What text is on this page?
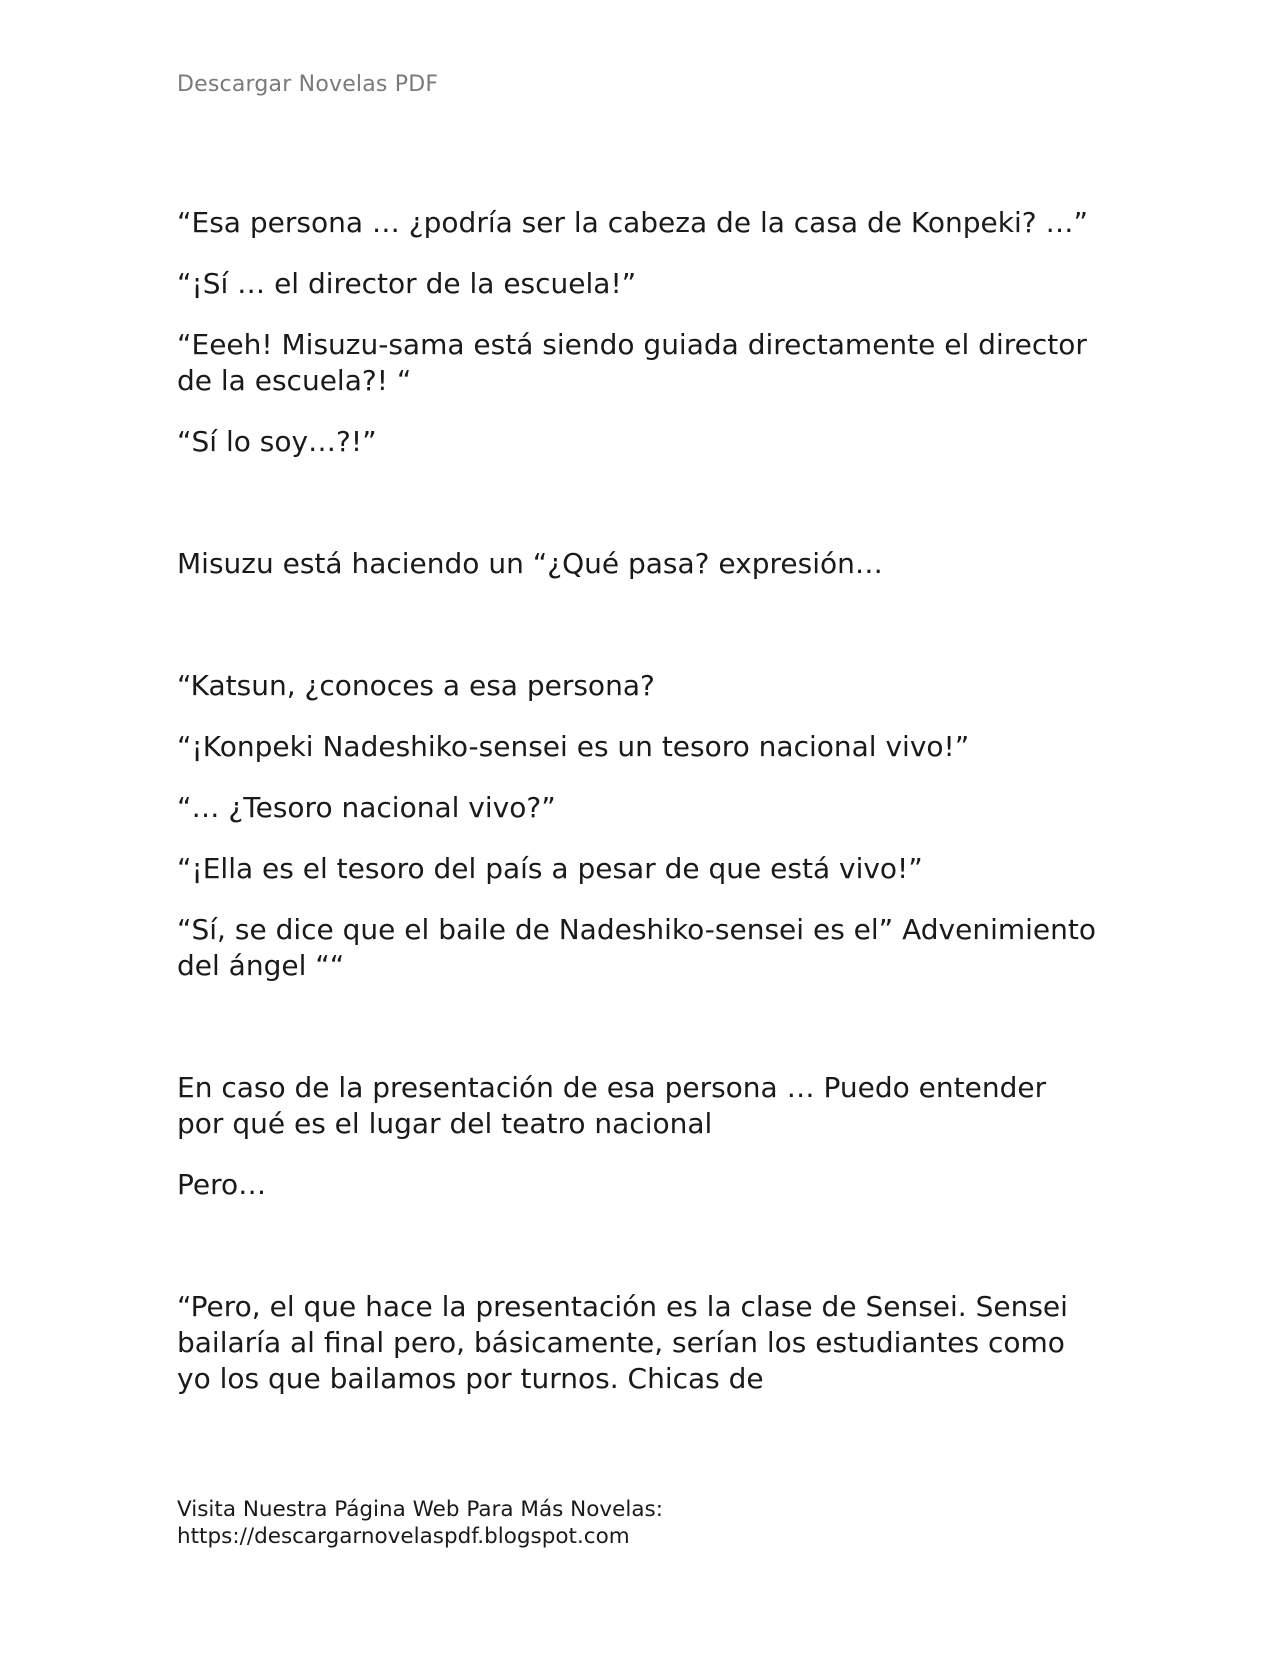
Descargar Novelas PDF

“Esa persona … ¿podría ser la cabeza de la casa de Konpeki? …”

“¡Sí … el director de la escuela!”

“Eeeh! Misuzu-sama está siendo guiada directamente el director de la escuela?! “

“Sí lo soy…?!”

Misuzu está haciendo un “¿Qué pasa? expresión…

“Katsun, ¿conoces a esa persona?

“¡Konpeki Nadeshiko-sensei es un tesoro nacional vivo!”

“… ¿Tesoro nacional vivo?”

“¡Ella es el tesoro del país a pesar de que está vivo!”

“Sí, se dice que el baile de Nadeshiko-sensei es el” Advenimiento del ángel ““

En caso de la presentación de esa persona … Puedo entender por qué es el lugar del teatro nacional

Pero…

“Pero, el que hace la presentación es la clase de Sensei. Sensei bailaría al final pero, básicamente, serían los estudiantes como yo los que bailamos por turnos. Chicas de

Visita Nuestra Página Web Para Más Novelas:
https://descargarnovelaspdf.blogspot.com
